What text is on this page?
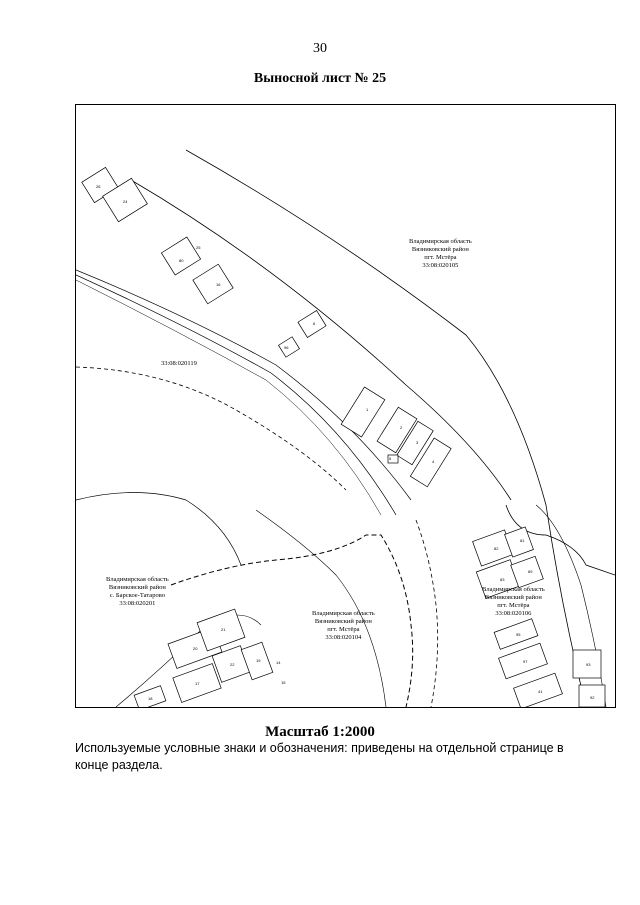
30
Выносной лист № 25
Владимирская область
Вязниковский район
пгт. Мстёра
33:08:020105
33:08:020119
Владимирская область
Вязниковский район
с. Барское-Татарово
33:08:020201
Владимирская область
Вязниковский район
пгт. Мстёра
33:08:020104
Владимирская область
Вязниковский район
пгт. Мстёра
33:08:020106
26
24
25
80
16
96
1
2
3
4
5
6
82
81
83
89
95
97
41
93
92
20
21
22
17
19
18
14
15
Масштаб 1:2000
Используемые условные знаки и обозначения: приведены на отдельной странице в конце раздела.
